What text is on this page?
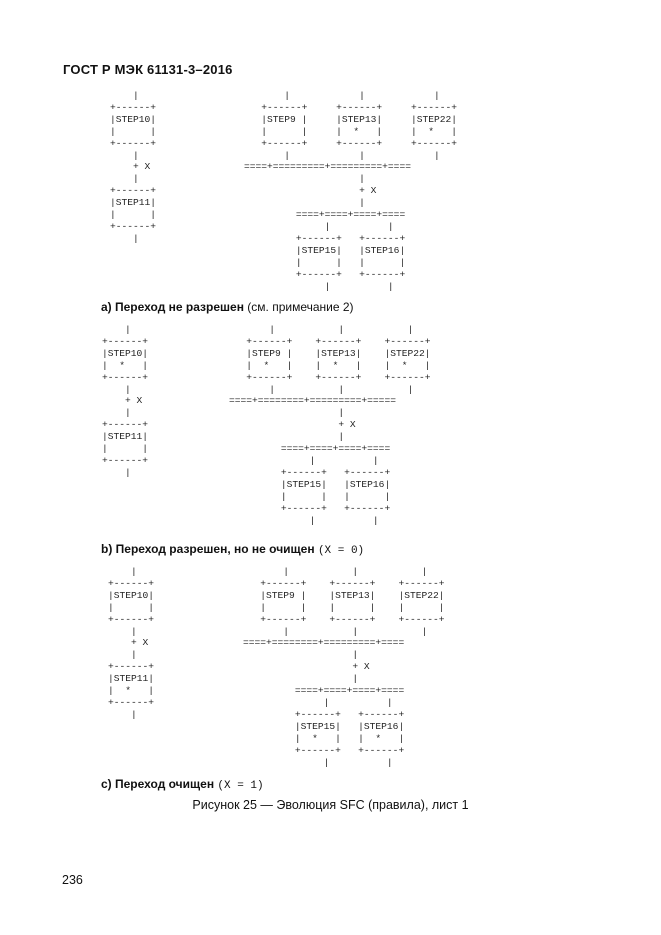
ГОСТ Р МЭК 61131-3–2016
|
+------+
|STEP10|
|      |
+------+
|
+ X
|
+------+
|STEP11|
|      |
+------+
|
|            |            |
+------+     +------+     +------+
|STEP9 |     |STEP13|     |STEP22|
|      |     |  *   |     |  *   |
+------+     +------+     +------+
|            |            |
====+=========+=========+====
|
+ X
|
====+====+====+====
|          |
+------+   +------+
|STEP15|   |STEP16|
|      |   |      |
+------+   +------+
|          |
a) Переход не разрешен (см. примечание 2)
|
+------+
|STEP10|
|  *   |
+------+
|
+ X
|
+------+
|STEP11|
|      |
+------+
|
|           |           |
+------+    +------+    +------+
|STEP9 |    |STEP13|    |STEP22|
|  *   |    |  *   |    |  *   |
+------+    +------+    +------+
|           |           |
====+========+=========+=====
|
+ X
|
====+====+====+====
|          |
+------+   +------+
|STEP15|   |STEP16|
|      |   |      |
+------+   +------+
|          |
b) Переход разрешен, но не очищен (X = 0)
|
+------+
|STEP10|
|      |
+------+
|
+ X
|
+------+
|STEP11|
|  *   |
+------+
|
|           |           |
+------+    +------+    +------+
|STEP9 |    |STEP13|    |STEP22|
|      |    |      |    |      |
+------+    +------+    +------+
|           |           |
====+========+=========+====
|
+ X
|
====+====+====+====
|          |
+------+   +------+
|STEP15|   |STEP16|
|  *   |   |  *   |
+------+   +------+
|          |
c) Переход очищен (X = 1)
Рисунок 25 — Эволюция SFC (правила), лист 1
236
